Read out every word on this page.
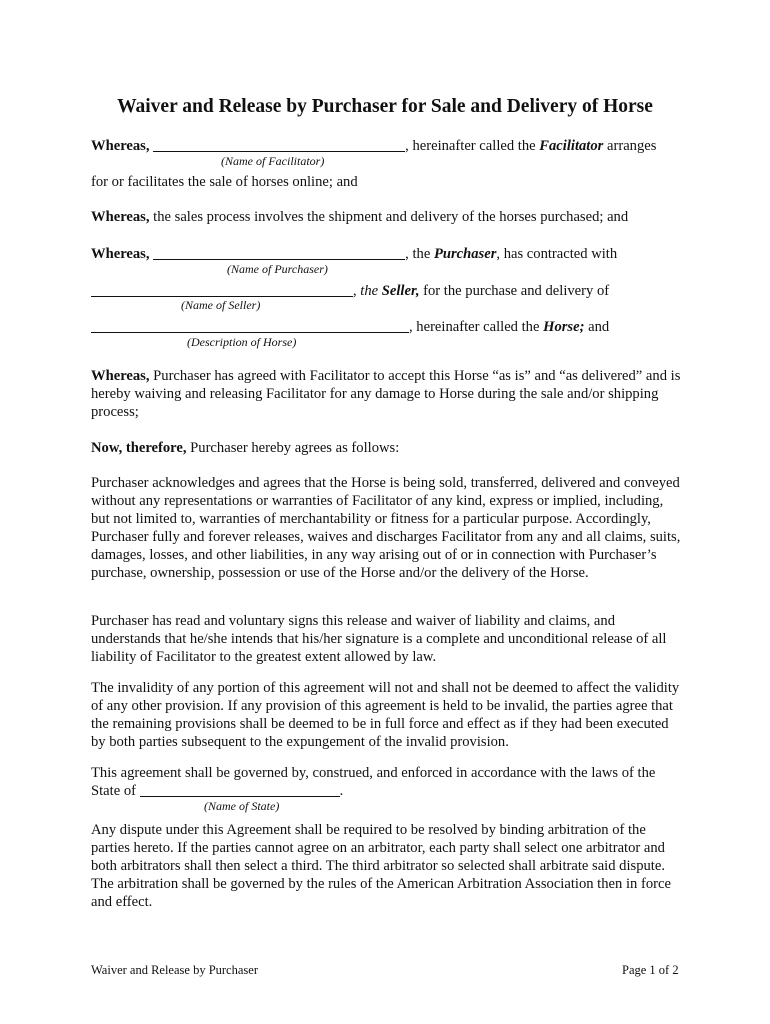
Waiver and Release by Purchaser for Sale and Delivery of Horse
Whereas,	, hereinafter called the Facilitator arranges
(Name of Facilitator)
for or facilitates the sale of horses online; and
Whereas, the sales process involves the shipment and delivery of the horses purchased; and
Whereas,	, the Purchaser, has contracted with
(Name of Purchaser)
, the Seller, for the purchase and delivery of
(Name of Seller)
, hereinafter called the Horse; and
(Description of Horse)
Whereas, Purchaser has agreed with Facilitator to accept this Horse “as is” and “as delivered” and is hereby waiving and releasing Facilitator for any damage to Horse during the sale and/or shipping process;
Now, therefore, Purchaser hereby agrees as follows:
Purchaser acknowledges and agrees that the Horse is being sold, transferred, delivered and conveyed without any representations or warranties of Facilitator of any kind, express or implied, including, but not limited to, warranties of merchantability or fitness for a particular purpose. Accordingly, Purchaser fully and forever releases, waives and discharges Facilitator from any and all claims, suits, damages, losses, and other liabilities, in any way arising out of or in connection with Purchaser’s purchase, ownership, possession or use of the Horse and/or the delivery of the Horse.
Purchaser has read and voluntary signs this release and waiver of liability and claims, and understands that he/she intends that his/her signature is a complete and unconditional release of all liability of Facilitator to the greatest extent allowed by law.
The invalidity of any portion of this agreement will not and shall not be deemed to affect the validity of any other provision. If any provision of this agreement is held to be invalid, the parties agree that the remaining provisions shall be deemed to be in full force and effect as if they had been executed by both parties subsequent to the expungement of the invalid provision.
This agreement shall be governed by, construed, and enforced in accordance with the laws of the
State of	.
(Name of State)
Any dispute under this Agreement shall be required to be resolved by binding arbitration of the parties hereto. If the parties cannot agree on an arbitrator, each party shall select one arbitrator and both arbitrators shall then select a third. The third arbitrator so selected shall arbitrate said dispute. The arbitration shall be governed by the rules of the American Arbitration Association then in force and effect.
Waiver and Release by Purchaser	Page 1 of 2
